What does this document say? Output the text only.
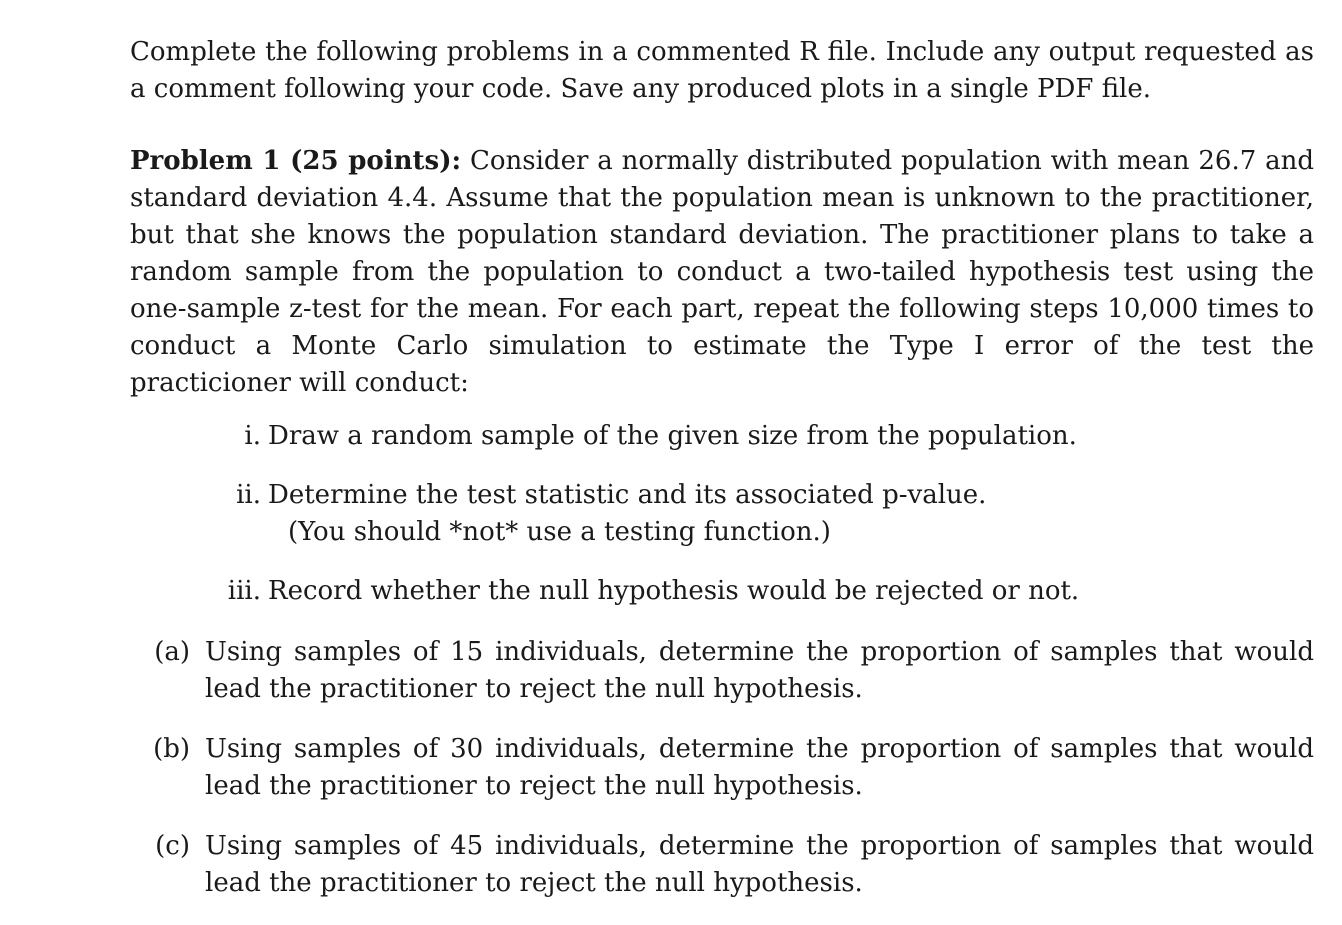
Complete the following problems in a commented R file. Include any output requested as a comment following your code. Save any produced plots in a single PDF file.

Problem 1 (25 points): Consider a normally distributed population with mean 26.7 and standard deviation 4.4. Assume that the population mean is unknown to the practitioner, but that she knows the population standard deviation. The practitioner plans to take a random sample from the population to conduct a two-tailed hypothesis test using the one-sample z-test for the mean. For each part, repeat the following steps 10,000 times to conduct a Monte Carlo simulation to estimate the Type I error of the test the practicioner will conduct:

i. Draw a random sample of the given size from the population.
ii. Determine the test statistic and its associated p-value.
(You should *not* use a testing function.)
iii. Record whether the null hypothesis would be rejected or not.
(a) Using samples of 15 individuals, determine the proportion of samples that would lead the practitioner to reject the null hypothesis.
(b) Using samples of 30 individuals, determine the proportion of samples that would lead the practitioner to reject the null hypothesis.
(c) Using samples of 45 individuals, determine the proportion of samples that would lead the practitioner to reject the null hypothesis.
